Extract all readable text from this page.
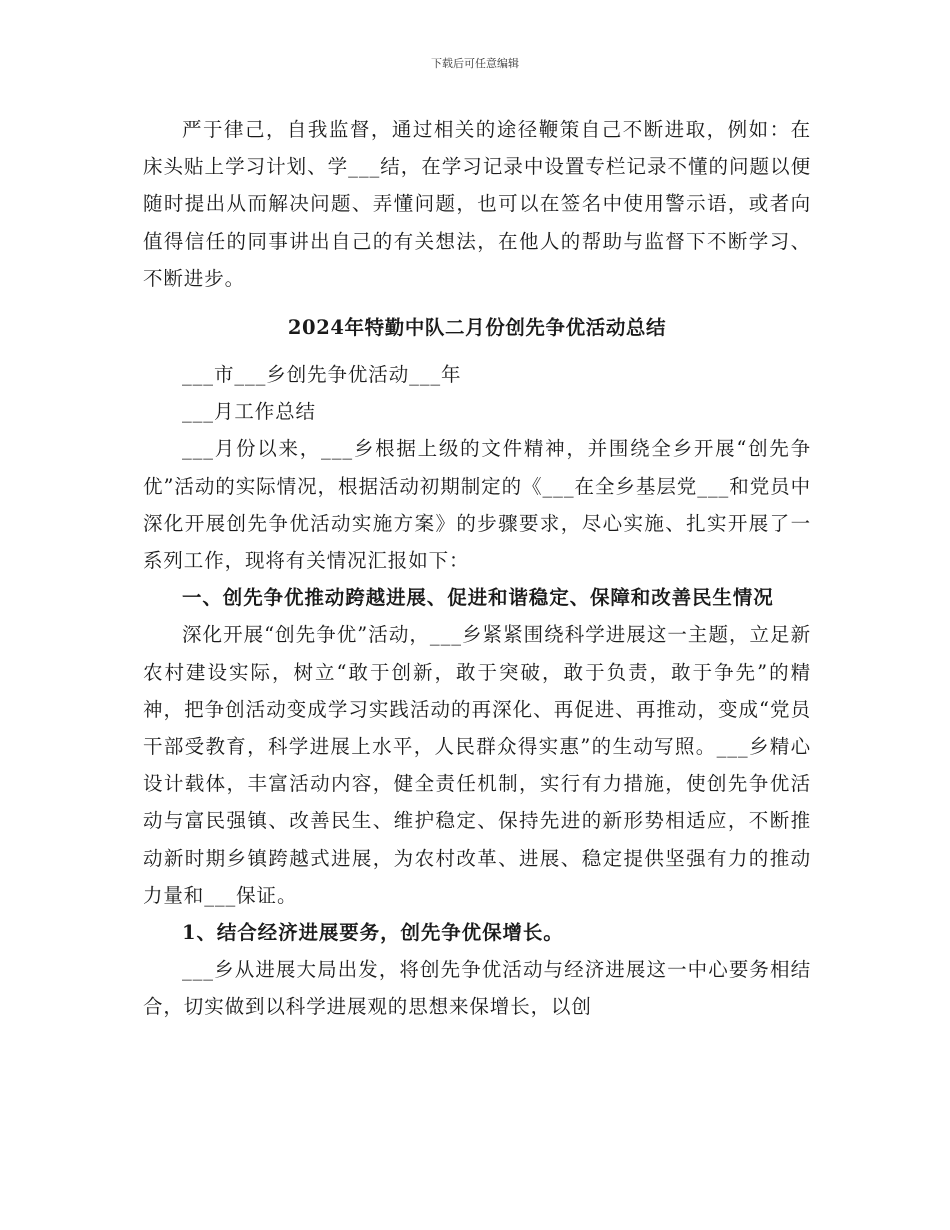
下载后可任意编辑

严于律己，自我监督，通过相关的途径鞭策自己不断进取，例如：在床头贴上学习计划、学___结，在学习记录中设置专栏记录不懂的问题以便随时提出从而解决问题、弄懂问题，也可以在签名中使用警示语，或者向值得信任的同事讲出自己的有关想法，在他人的帮助与监督下不断学习、不断进步。

2024年特勤中队二月份创先争优活动总结

___市___乡创先争优活动___年

___月工作总结

___月份以来，___乡根据上级的文件精神，并围绕全乡开展“创先争优”活动的实际情况，根据活动初期制定的《___在全乡基层党___和党员中深化开展创先争优活动实施方案》的步骤要求，尽心实施、扎实开展了一系列工作，现将有关情况汇报如下：

一、创先争优推动跨越进展、促进和谐稳定、保障和改善民生情况

深化开展“创先争优”活动，___乡紧紧围绕科学进展这一主题，立足新农村建设实际，树立“敢于创新，敢于突破，敢于负责，敢于争先”的精神，把争创活动变成学习实践活动的再深化、再促进、再推动，变成“党员干部受教育，科学进展上水平，人民群众得实惠”的生动写照。___乡精心设计载体，丰富活动内容，健全责任机制，实行有力措施，使创先争优活动与富民强镇、改善民生、维护稳定、保持先进的新形势相适应，不断推动新时期乡镇跨越式进展，为农村改革、进展、稳定提供坚强有力的推动力量和___保证。

1、结合经济进展要务，创先争优保增长。

___乡从进展大局出发，将创先争优活动与经济进展这一中心要务相结合，切实做到以科学进展观的思想来保增长，以创
